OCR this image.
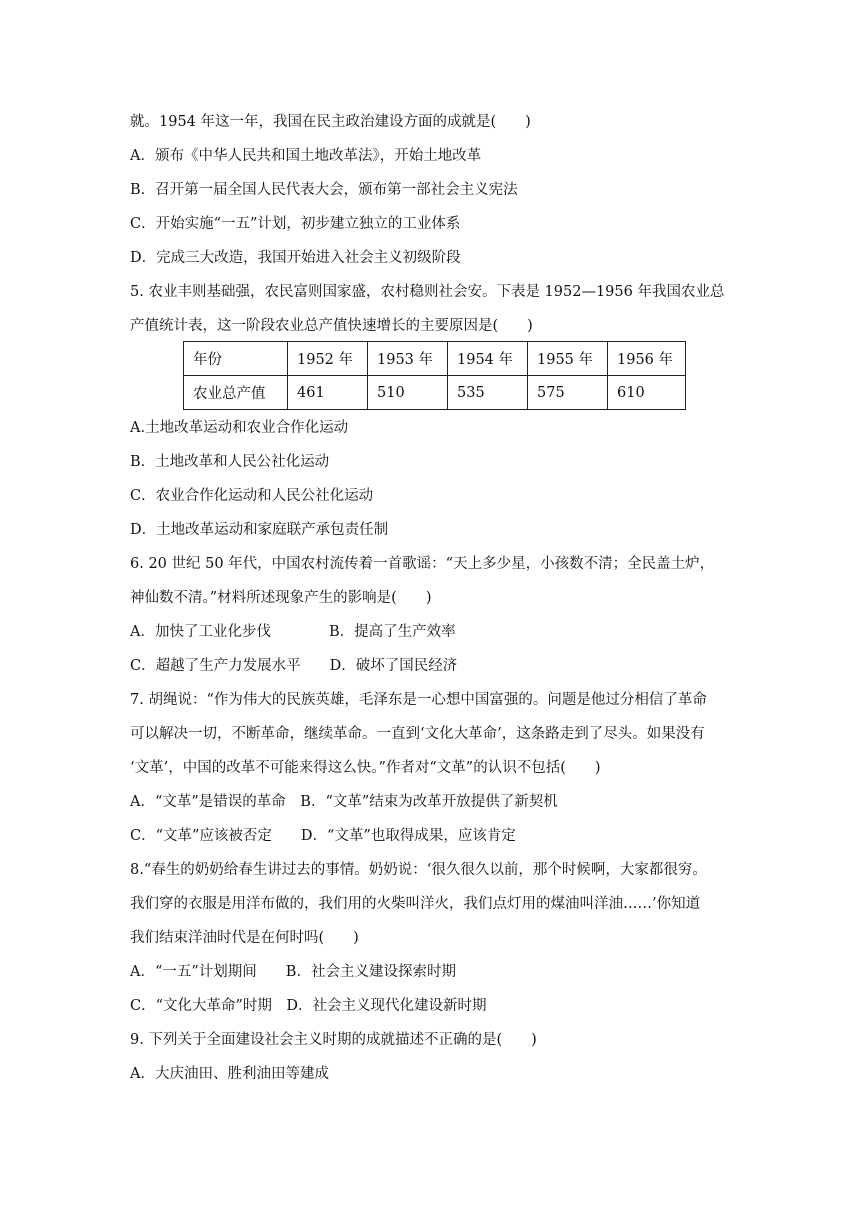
就。1954 年这一年，我国在民主政治建设方面的成就是(　　)
A．颁布《中华人民共和国土地改革法》，开始土地改革
B．召开第一届全国人民代表大会，颁布第一部社会主义宪法
C．开始实施“一五”计划，初步建立独立的工业体系
D．完成三大改造，我国开始进入社会主义初级阶段
5. 农业丰则基础强，农民富则国家盛，农村稳则社会安。下表是 1952—1956 年我国农业总
产值统计表，这一阶段农业总产值快速增长的主要原因是(　　)
年份	1952 年	1953 年	1954 年	1955 年	1956 年
农业总产值	461	510	535	575	610
A.土地改革运动和农业合作化运动
B．土地改革和人民公社化运动
C．农业合作化运动和人民公社化运动
D．土地改革运动和家庭联产承包责任制
6. 20 世纪 50 年代，中国农村流传着一首歌谣：“天上多少星，小孩数不清；全民盖土炉，
神仙数不清。”材料所述现象产生的影响是(　　)
A．加快了工业化步伐　　　　B．提高了生产效率
C．超越了生产力发展水平　　D．破坏了国民经济
7. 胡绳说：“作为伟大的民族英雄，毛泽东是一心想中国富强的。问题是他过分相信了革命
可以解决一切，不断革命，继续革命。一直到‘文化大革命’，这条路走到了尽头。如果没有
‘文革’，中国的改革不可能来得这么快。”作者对“文革”的认识不包括(　　)
A．“文革”是错误的革命　B．“文革”结束为改革开放提供了新契机
C．“文革”应该被否定　　D．“文革”也取得成果，应该肯定
8.“春生的奶奶给春生讲过去的事情。奶奶说：‘很久很久以前，那个时候啊，大家都很穷。
我们穿的衣服是用洋布做的，我们用的火柴叫洋火，我们点灯用的煤油叫洋油……’你知道
我们结束洋油时代是在何时吗(　　)
A．“一五”计划期间　　B．社会主义建设探索时期
C．“文化大革命”时期　D．社会主义现代化建设新时期
9. 下列关于全面建设社会主义时期的成就描述不正确的是(　　)
A．大庆油田、胜利油田等建成
